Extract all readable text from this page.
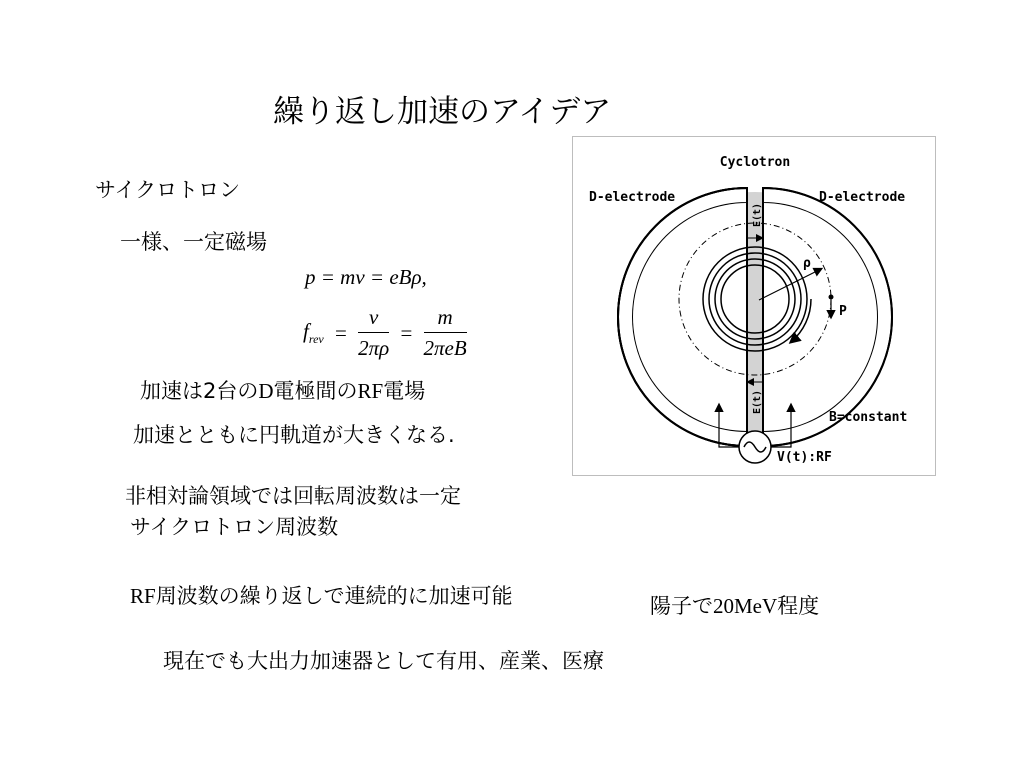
繰り返し加速のアイデア
サイクロトロン
一様、一定磁場
p = mv = eBρ,
$f_{rev} = \frac{v}{2\pi\rho} = \frac{m}{\text{2πeB}}$
加速は2台のD電極間のRF電場
加速とともに円軌道が大きくなる.
非相対論領域では回転周波数は一定
サイクロトロン周波数
RF周波数の繰り返しで連続的に加速可能	陽子で20MeV程度
現在でも大出力加速器として有用、産業、医療
ρ
P
E(t)
E(t)
Cyclotron
D-electrode	D-electrode
B=constant
V(t):RF
